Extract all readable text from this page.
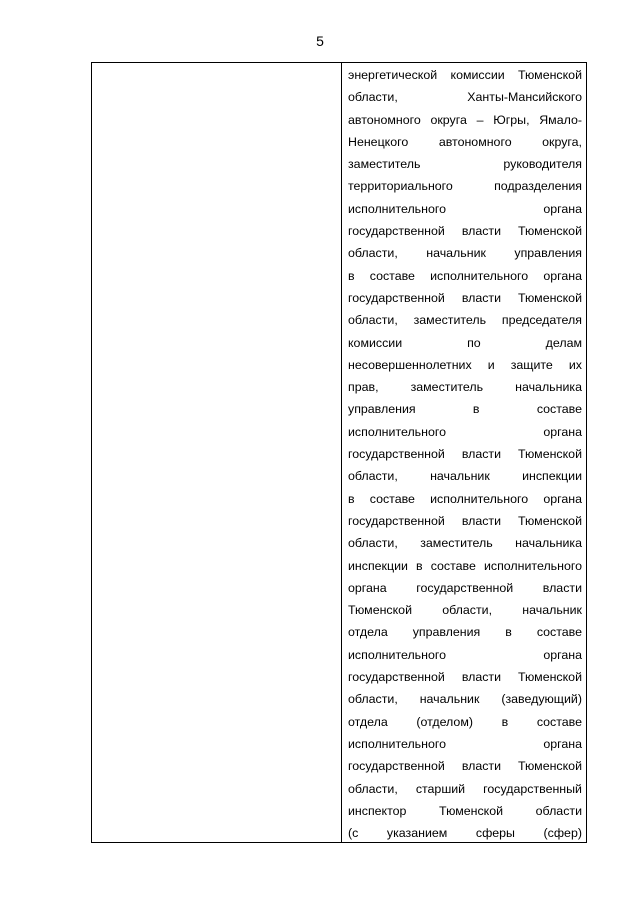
5
энергетической комиссии Тюменской
области,	Ханты-Мансийского
автономного округа – Югры, Ямало-
Ненецкого автономного округа,
заместитель	руководителя
территориального	подразделения
исполнительного	органа
государственной власти Тюменской
области, начальник управления
в составе исполнительного органа
государственной власти Тюменской
области, заместитель председателя
комиссии	по	делам
несовершеннолетних и защите их
прав,	заместитель	начальника
управления	в	составе
исполнительного	органа
государственной власти Тюменской
области,	начальник	инспекции
в составе исполнительного органа
государственной власти Тюменской
области, заместитель начальника
инспекции в составе исполнительного
органа государственной власти
Тюменской области, начальник
отдела управления в составе
исполнительного	органа
государственной власти Тюменской
области, начальник (заведующий)
отдела (отделом) в составе
исполнительного	органа
государственной власти Тюменской
области, старший государственный
инспектор	Тюменской	области
(с указанием сферы (сфер)
